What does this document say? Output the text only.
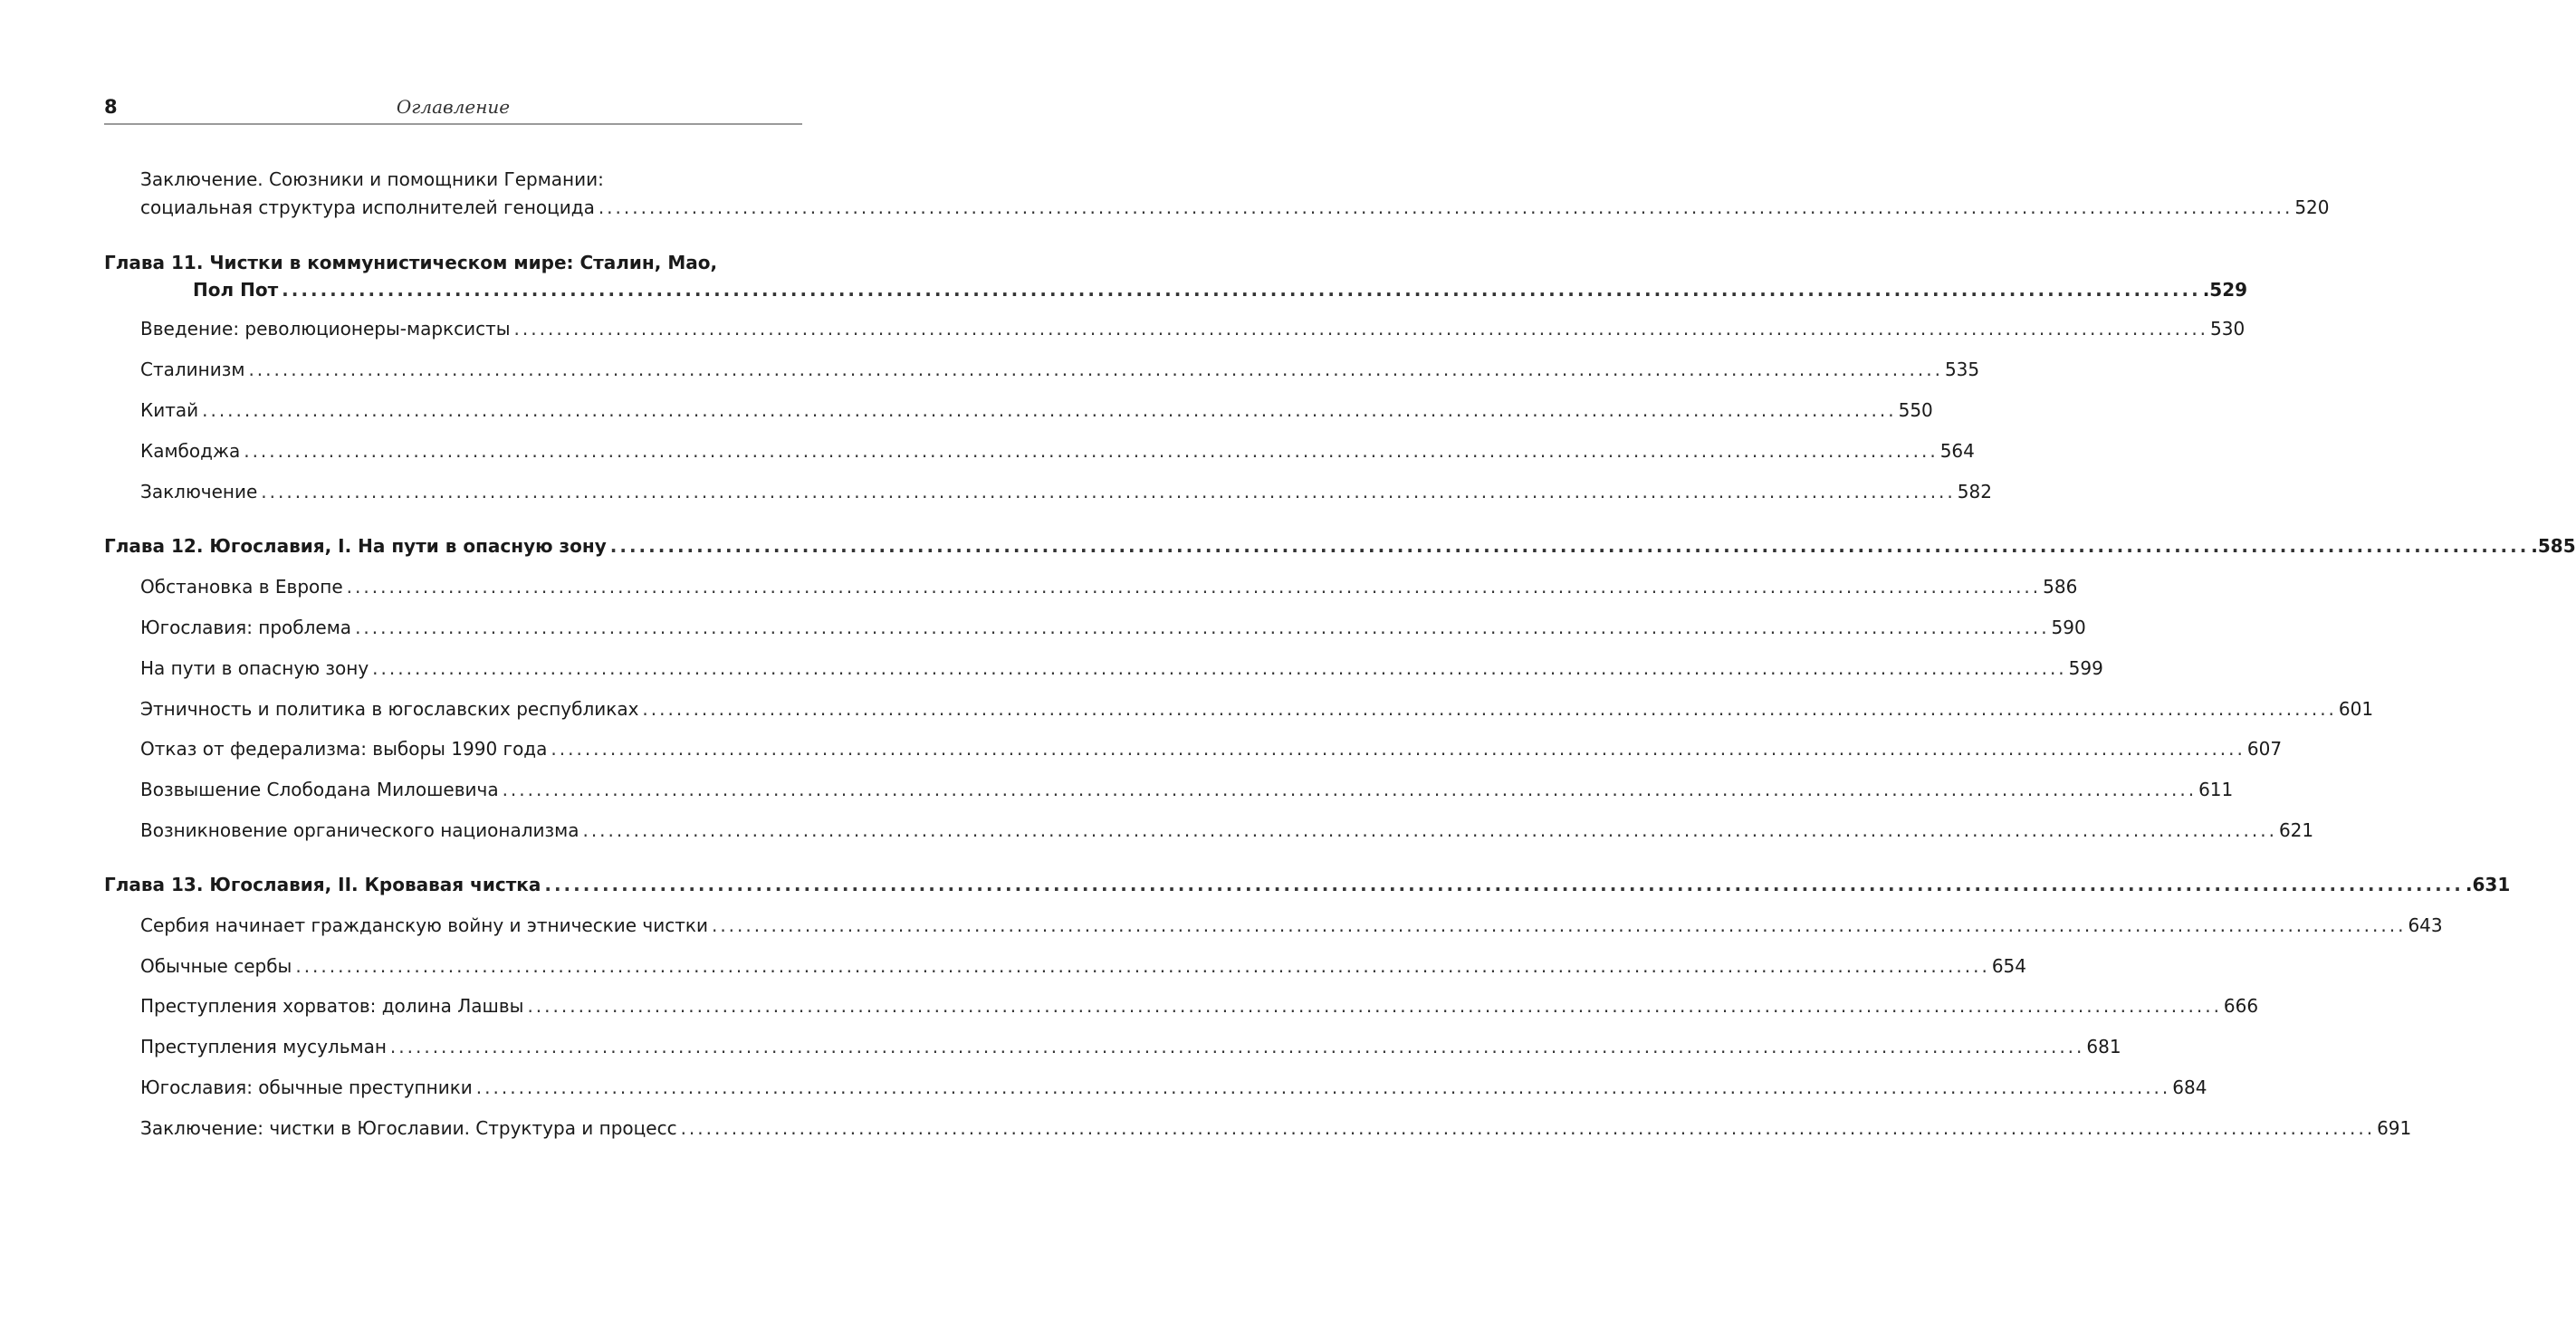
8	Оглавление
Заключение. Союзники и помощники Германии:
социальная структура исполнителей геноцида ........................................................................................................................................................................................................ 520
Глава 11. Чистки в коммунистическом мире: Сталин, Мао,
Пол Пот ........................................................................................................................................................................................................ .529
Введение: революционеры-марксисты ........................................................................................................................................................................................................ 530
Сталинизм ........................................................................................................................................................................................................ 535
Китай ........................................................................................................................................................................................................ 550
Камбоджа ........................................................................................................................................................................................................ 564
Заключение ........................................................................................................................................................................................................ 582
Глава 12. Югославия, I. На пути в опасную зону ........................................................................................................................................................................................................ .585
Обстановка в Европе ........................................................................................................................................................................................................ 586
Югославия: проблема ........................................................................................................................................................................................................ 590
На пути в опасную зону ........................................................................................................................................................................................................ 599
Этничность и политика в югославских республиках ........................................................................................................................................................................................................ 601
Отказ от федерализма: выборы 1990 года ........................................................................................................................................................................................................ 607
Возвышение Слободана Милошевича ........................................................................................................................................................................................................ 611
Возникновение органического национализма ........................................................................................................................................................................................................ 621
Глава 13. Югославия, II. Кровавая чистка ........................................................................................................................................................................................................ .631
Сербия начинает гражданскую войну и этнические чистки ........................................................................................................................................................................................................ 643
Обычные сербы ........................................................................................................................................................................................................ 654
Преступления хорватов: долина Лашвы ........................................................................................................................................................................................................ 666
Преступления мусульман ........................................................................................................................................................................................................ 681
Югославия: обычные преступники ........................................................................................................................................................................................................ 684
Заключение: чистки в Югославии. Структура и процесс ........................................................................................................................................................................................................ 691
